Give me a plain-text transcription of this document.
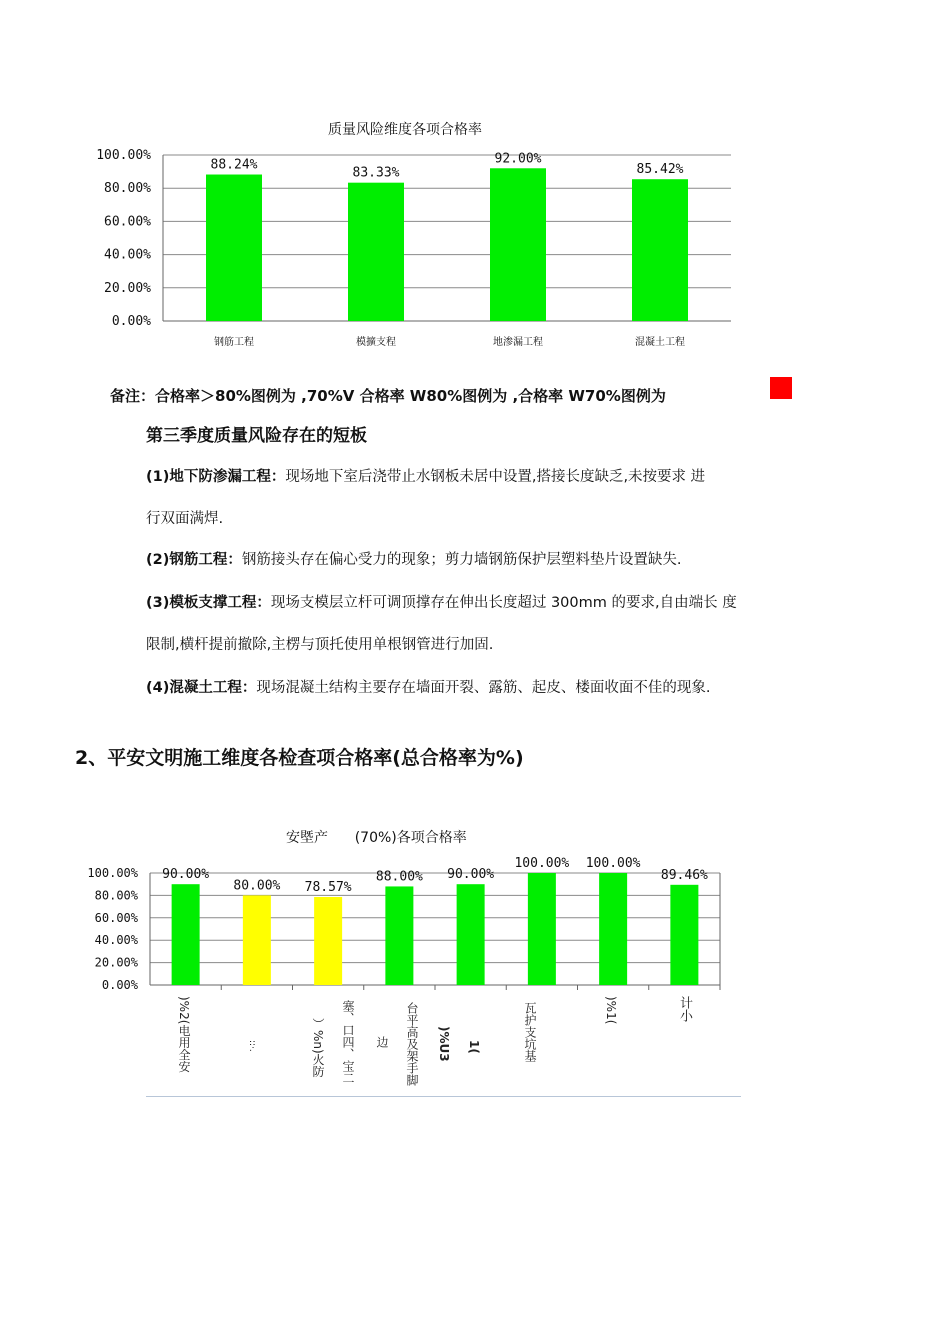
质量风险维度各项合格率
0.00%
20.00%
40.00%
60.00%
80.00%
100.00%
88.24%
钢筋工程
83.33%
模擴支程
92.00%
地渗漏工程
85.42%
混凝土工程
备注：合格率＞80%图例为 ,70%V 合格率 W80%图例为 ,合格率 W70%图例为
第三季度质量风险存在的短板
(1)地下防渗漏工程：现场地下室后浇带止水钢板未居中设置,搭接长度缺乏,未按要求 进
行双面满焊.
(2)钢筋工程：钢筋接头存在偏心受力的现象；剪力墙钢筋保护层塑料垫片设置缺失.
(3)模板支撑工程：现场支模层立杆可调顶撑存在伸出长度超过 300mm 的要求,自由端长 度
限制,横杆提前撤除,主楞与顶托使用单根钢管进行加固.
(4)混凝土工程：现场混凝土结构主要存在墙面开裂、露筋、起皮、楼面收面不佳的现象.
2、平安文明施工维度各检查项合格率(总合格率为%)
安塈产      (70%)各项合格率
0.00%
20.00%
40.00%
60.00%
80.00%
100.00% 90.00%
80.00% 78.57%
88.00% 90.00%
100.00% 100.00%
89.46%
)%2(电用全安	::·.	）%n)火防 塞、口四、宝二 边 台平高及架手脚 )%U3 1(	瓦护支坑基	)%1(	计小
